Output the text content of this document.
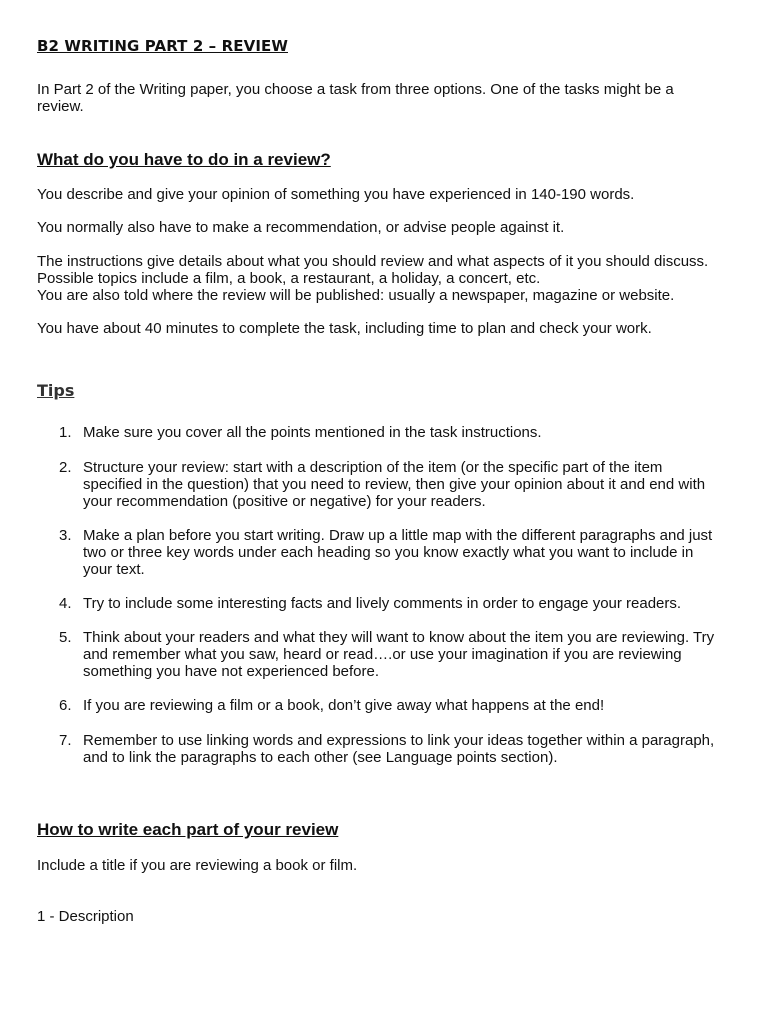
B2 WRITING PART 2 – REVIEW

In Part 2 of the Writing paper, you choose a task from three options. One of the tasks might be a review.

What do you have to do in a review?

You describe and give your opinion of something you have experienced in 140-190 words.

You normally also have to make a recommendation, or advise people against it.

The instructions give details about what you should review and what aspects of it you should discuss. Possible topics include a film, a book, a restaurant, a holiday, a concert, etc.

You are also told where the review will be published: usually a newspaper, magazine or website.

You have about 40 minutes to complete the task, including time to plan and check your work.

Tips
1. Make sure you cover all the points mentioned in the task instructions.
2. Structure your review: start with a description of the item (or the specific part of the item specified in the question) that you need to review, then give your opinion about it and end with your recommendation (positive or negative) for your readers.
3. Make a plan before you start writing. Draw up a little map with the different paragraphs and just two or three key words under each heading so you know exactly what you want to include in your text.
4. Try to include some interesting facts and lively comments in order to engage your readers.
5. Think about your readers and what they will want to know about the item you are reviewing. Try and remember what you saw, heard or read….or use your imagination if you are reviewing something you have not experienced before.
6. If you are reviewing a film or a book, don’t give away what happens at the end!
7. Remember to use linking words and expressions to link your ideas together within a paragraph, and to link the paragraphs to each other (see Language points section).
How to write each part of your review

Include a title if you are reviewing a book or film.

1 - Description
